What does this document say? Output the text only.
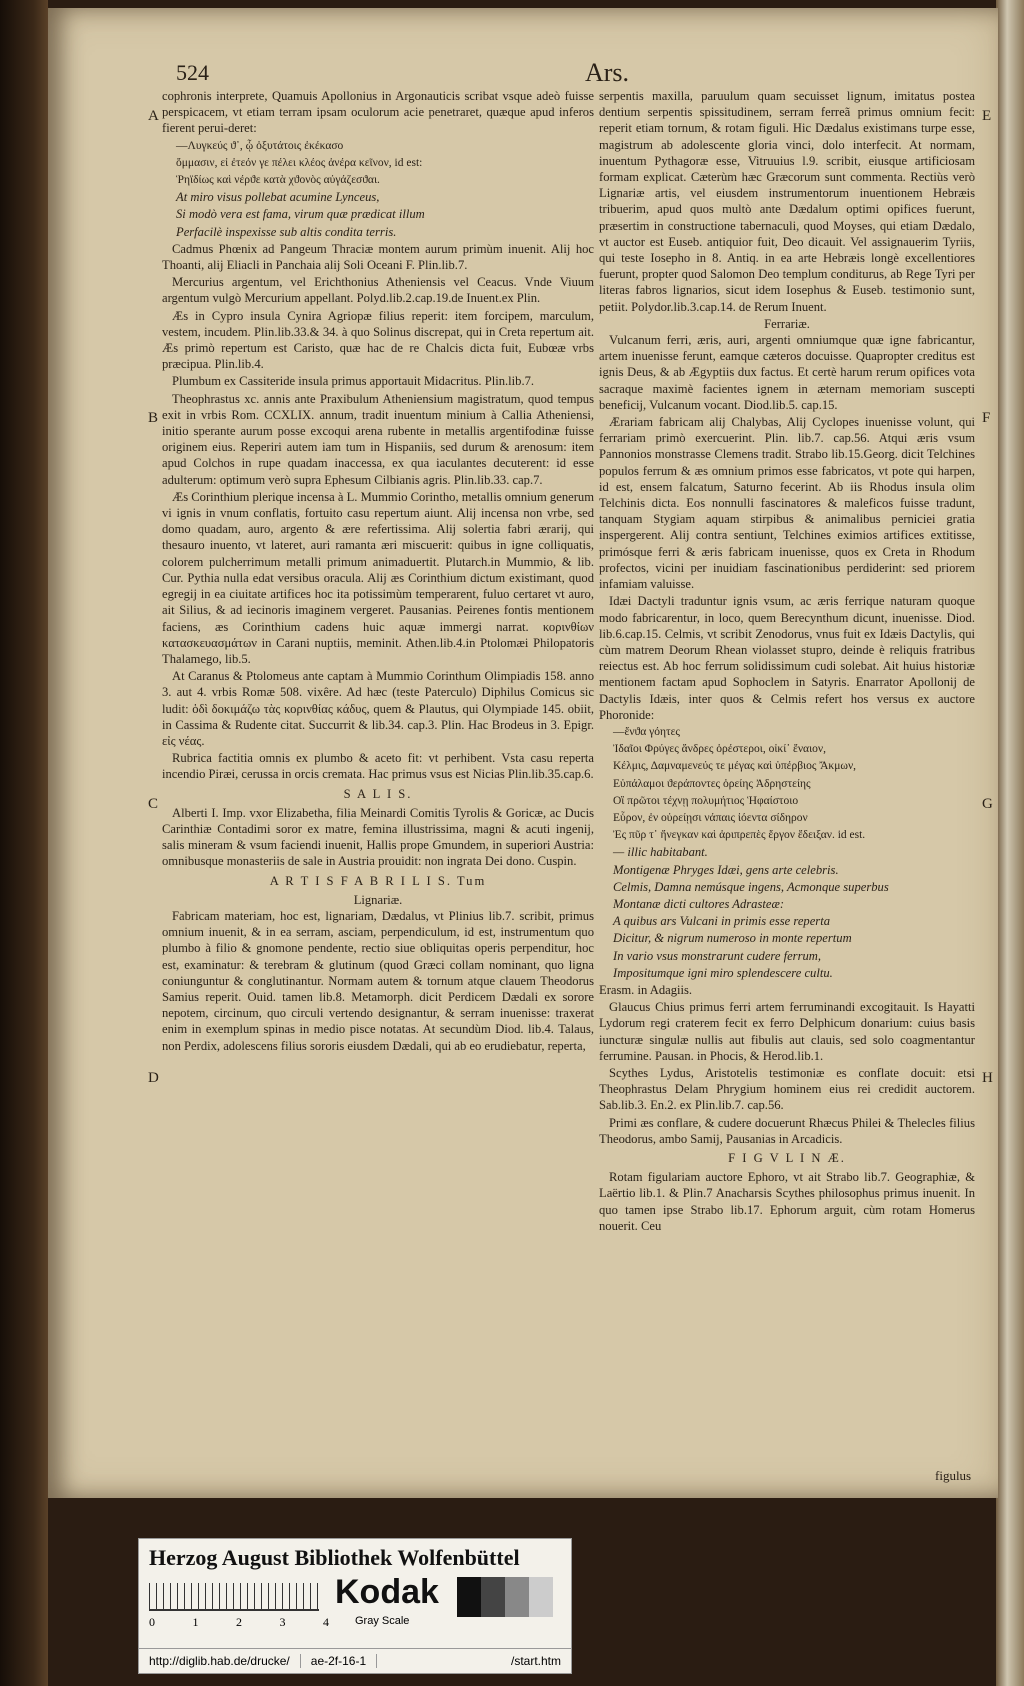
524	Ars.
A
B
C
D
E
F
G
H

cophronis interprete, Quamuis Apollonius in Argonauticis scribat vsque adeò fuisse perspicacem, vt etiam terram ipsam oculorum acie penetraret, quæque apud inferos fierent perui-deret:

—Λυγκεύς ϑ᾽, ᾧ ὀξυτάτοις ἐκέκασο

ὄμμασιν, εἰ ἐτεόν γε πέλει κλέος ἀνέρα κεῖνον, id est:

Ῥηϊδίως καὶ νέρϑε κατὰ χϑονὸς αὐγάζεσϑαι.

At miro visus pollebat acumine Lynceus,

Si modò vera est fama, virum quæ prædicat illum

Perfacilè inspexisse sub altis condita terris.

Cadmus Phœnix ad Pangeum Thraciæ montem aurum primùm inuenit. Alij hoc Thoanti, alij Eliacli in Panchaia alij Soli Oceani F. Plin.lib.7.

Mercurius argentum, vel Erichthonius Atheniensis vel Ceacus. Vnde Viuum argentum vulgò Mercurium appellant. Polyd.lib.2.cap.19.de Inuent.ex Plin.

Æs in Cypro insula Cynira Agriopæ filius reperit: item forcipem, marculum, vestem, incudem. Plin.lib.33.& 34. à quo Solinus discrepat, qui in Creta repertum ait. Æs primò repertum est Caristo, quæ hac de re Chalcis dicta fuit, Eubœæ vrbs præcipua. Plin.lib.4.

Plumbum ex Cassiteride insula primus apportauit Midacritus. Plin.lib.7.

Theophrastus xc. annis ante Praxibulum Atheniensium magistratum, quod tempus exit in vrbis Rom. CCXLIX. annum, tradit inuentum minium à Callia Atheniensi, initio sperante aurum posse excoqui arena rubente in metallis argentifodinæ fuisse originem eius. Reperiri autem iam tum in Hispaniis, sed durum & arenosum: item apud Colchos in rupe quadam inaccessa, ex qua iaculantes decuterent: id esse adulterum: optimum verò supra Ephesum Cilbianis agris. Plin.lib.33. cap.7.

Æs Corinthium plerique incensa à L. Mummio Corintho, metallis omnium generum vi ignis in vnum conflatis, fortuito casu repertum aiunt. Alij incensa non vrbe, sed domo quadam, auro, argento & ære refertissima. Alij solertia fabri ærarij, qui thesauro inuento, vt lateret, auri ramanta æri miscuerit: quibus in igne colliquatis, colorem pulcherrimum metalli primum animaduertit. Plutarch.in Mummio, & lib. Cur. Pythia nulla edat versibus oracula. Alij æs Corinthium dictum existimant, quod egregij in ea ciuitate artifices hoc ita potissimùm temperarent, fuluo certaret vt auro, ait Silius, & ad iecinoris imaginem vergeret. Pausanias. Peirenes fontis mentionem faciens, æs Corinthium cadens huic aquæ immergi narrat. κορινθίων κατασκευασμάτων in Carani nuptiis, meminit. Athen.lib.4.in Ptolomæi Philopatoris Thalamego, lib.5.

At Caranus & Ptolomeus ante captam à Mummio Corinthum Olimpiadis 158. anno 3. aut 4. vrbis Romæ 508. vixêre. Ad hæc (teste Paterculo) Diphilus Comicus sic ludit: ὁδὶ δοκιμάζω τὰς κορινθίας κάδυς, quem & Plautus, qui Olympiade 145. obiit, in Cassima & Rudente citat. Succurrit & lib.34. cap.3. Plin. Hac Brodeus in 3. Epigr. εἰς νέας.

Rubrica factitia omnis ex plumbo & aceto fit: vt perhibent. Vsta casu reperta incendio Piræi, cerussa in orcis cremata. Hac primus vsus est Nicias Plin.lib.35.cap.6.

S A L I S.

Alberti I. Imp. vxor Elizabetha, filia Meinardi Comitis Tyrolis & Goricæ, ac Ducis Carinthiæ Contadimi soror ex matre, femina illustrissima, magni & acuti ingenij, salis mineram & vsum faciendi inuenit, Hallis prope Gmundem, in superiori Austria: omnibusque monasteriis de sale in Austria prouidit: non ingrata Dei dono. Cuspin.

A R T I S F A B R I L I S. Tum
Lignariæ.

Fabricam materiam, hoc est, lignariam, Dædalus, vt Plinius lib.7. scribit, primus omnium inuenit, & in ea serram, asciam, perpendiculum, id est, instrumentum quo plumbo à filio & gnomone pendente, rectio siue obliquitas operis perpenditur, hoc est, examinatur: & terebram & glutinum (quod Græci collam nominant, quo ligna coniunguntur & conglutinantur. Normam autem & tornum atque clauem Theodorus Samius reperit. Ouid. tamen lib.8. Metamorph. dicit Perdicem Dædali ex sorore nepotem, circinum, quo circuli vertendo designantur, & serram inuenisse: traxerat enim in exemplum spinas in medio pisce notatas. At secundùm Diod. lib.4. Talaus, non Perdix, adolescens filius sororis eiusdem Dædali, qui ab eo erudiebatur, reperta,

serpentis maxilla, paruulum quam secuisset lignum, imitatus postea dentium serpentis spissitudinem, serram ferreã primus omnium fecit: reperit etiam tornum, & rotam figuli. Hic Dædalus existimans turpe esse, magistrum ab adolescente gloria vinci, dolo interfecit. At normam, inuentum Pythagoræ esse, Vitruuius l.9. scribit, eiusque artificiosam formam explicat. Cæterùm hæc Græcorum sunt commenta. Rectiùs verò Lignariæ artis, vel eiusdem instrumentorum inuentionem Hebræis tribuerim, apud quos multò ante Dædalum optimi opifices fuerunt, præsertim in constructione tabernaculi, quod Moyses, qui etiam Dædalo, vt auctor est Euseb. antiquior fuit, Deo dicauit. Vel assignauerim Tyriis, qui teste Iosepho in 8. Antiq. in ea arte Hebræis longè excellentiores fuerunt, propter quod Salomon Deo templum conditurus, ab Rege Tyri per literas fabros lignarios, sicut idem Iosephus & Euseb. testimonio sunt, petiit. Polydor.lib.3.cap.14. de Rerum Inuent.

Ferrariæ.

Vulcanum ferri, æris, auri, argenti omniumque quæ igne fabricantur, artem inuenisse ferunt, eamque cæteros docuisse. Quapropter creditus est ignis Deus, & ab Ægyptiis dux factus. Et certè harum rerum opifices vota sacraque maximè facientes ignem in æternam memoriam suscepti beneficij, Vulcanum vocant. Diod.lib.5. cap.15.

Ærariam fabricam alij Chalybas, Alij Cyclopes inuenisse volunt, qui ferrariam primò exercuerint. Plin. lib.7. cap.56. Atqui æris vsum Pannonios monstrasse Clemens tradit. Strabo lib.15.Georg. dicit Telchines populos ferrum & æs omnium primos esse fabricatos, vt pote qui harpen, id est, ensem falcatum, Saturno fecerint. Ab iis Rhodus insula olim Telchinis dicta. Eos nonnulli fascinatores & maleficos fuisse tradunt, tanquam Stygiam aquam stirpibus & animalibus perniciei gratia inspergerent. Alij contra sentiunt, Telchines eximios artifices extitisse, primósque ferri & æris fabricam inuenisse, quos ex Creta in Rhodum profectos, vicini per inuidiam fascinationibus perdiderint: sed priorem infamiam valuisse.

Idæi Dactyli traduntur ignis vsum, ac æris ferrique naturam quoque modo fabricarentur, in loco, quem Berecynthum dicunt, inuenisse. Diod. lib.6.cap.15. Celmis, vt scribit Zenodorus, vnus fuit ex Idæis Dactylis, qui cùm matrem Deorum Rhean violasset stupro, deinde è reliquis fratribus reiectus est. Ab hoc ferrum solidissimum cudi solebat. Ait huius historiæ mentionem factam apud Sophoclem in Satyris. Enarrator Apollonij de Dactylis Idæis, inter quos & Celmis refert hos versus ex auctore Phoronide:

—ἔνϑα γόητες

Ἰδαῖοι Φρύγες ἄνδρες ὀρέστεροι, οἰκί᾽ ἔναιον,

Κέλμις, Δαμναμενεύς τε μέγας καὶ ὑπέρβιος Ἄκμων,

Εὐπάλαμοι ϑεράποντες ὀρείης Ἀδρηστείης

Οἳ πρῶτοι τέχνῃ πολυμήτιος Ἡφαίστοιο

Εὗρον, ἐν οὐρείῃσι νάπαις ἰόεντα σίδηρον

Ἐς πῦρ τ᾽ ἤνεγκαν καὶ ἀριπρεπὲς ἔργον ἔδειξαν. id est.

— illic habitabant.

Montigenæ Phryges Idæi, gens arte celebris.

Celmis, Damna nemúsque ingens, Acmonque superbus

Montanæ dicti cultores Adrasteæ:

A quibus ars Vulcani in primis esse reperta

Dicitur, & nigrum numeroso in monte repertum

In vario vsus monstrarunt cudere ferrum,

Impositumque igni miro splendescere cultu.

Erasm. in Adagiis.

Glaucus Chius primus ferri artem ferruminandi excogitauit. Is Hayatti Lydorum regi craterem fecit ex ferro Delphicum donarium: cuius basis iuncturæ singulæ nullis aut fibulis aut clauis, sed solo coagmentantur ferrumine. Pausan. in Phocis, & Herod.lib.1.

Scythes Lydus, Aristotelis testimoniæ es conflate docuit: etsi Theophrastus Delam Phrygium hominem eius rei credidit auctorem. Sab.lib.3. En.2. ex Plin.lib.7. cap.56.

Primi æs conflare, & cudere docuerunt Rhæcus Philei & Thelecles filius Theodorus, ambo Samij, Pausanias in Arcadicis.

F I G V L I N Æ.

Rotam figulariam auctore Ephoro, vt ait Strabo lib.7. Geographiæ, & Laërtio lib.1. & Plin.7 Anacharsis Scythes philosophus primus inuenit. In quo tamen ipse Strabo lib.17. Ephorum arguit, cùm rotam Homerus nouerit. Ceu

figulus
Herzog August Bibliothek Wolfenbüttel
0	1	2	3	4
Kodak
Gray Scale
http://diglib.hab.de/drucke/	ae-2f-16-1	/start.htm
